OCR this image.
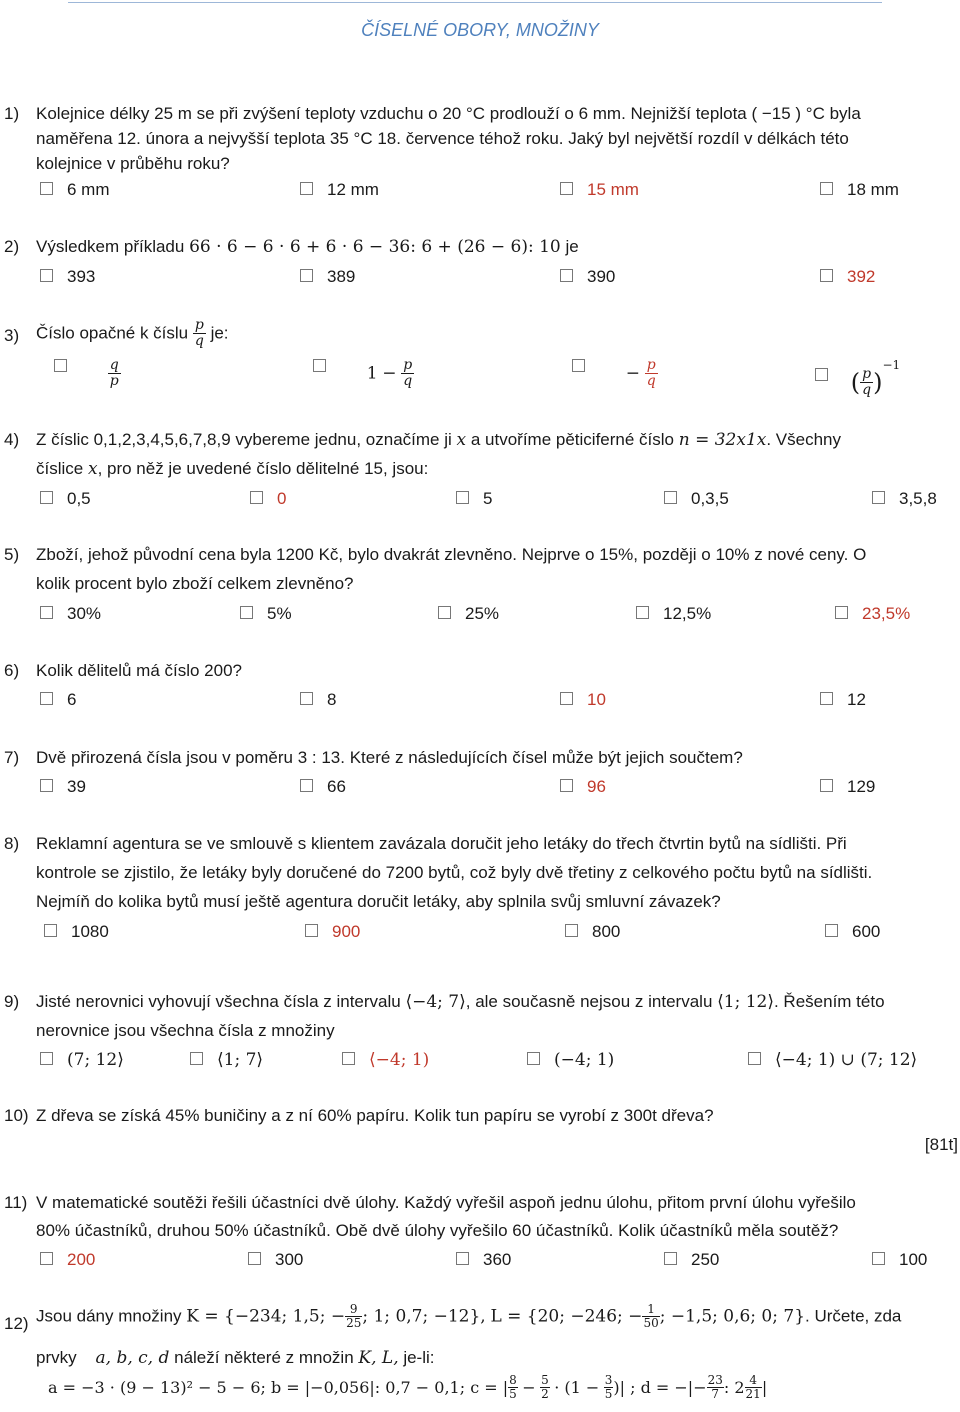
ČÍSELNÉ OBORY, MNOŽINY
1) Kolejnice délky 25 m se při zvýšení teploty vzduchu o 20 °C prodlouží o 6 mm. Nejnižší teplota ( −15 ) °C byla
naměřena 12. února a nejvyšší teplota 35 °C 18. července téhož roku. Jaký byl největší rozdíl v délkách této
kolejnice v průběhu roku?
6 mm	12 mm	15 mm	18 mm
2) Výsledkem příkladu 66 · 6 − 6 · 6 + 6 · 6 − 36: 6 + (26 − 6): 10 je
393	389	390	392
3) Číslo opačné k číslu $\frac{p}{q}$ je:

$\frac{q}{p}$	$1 - \frac{p}{q}$	− $\frac{p}{q}$	( $\frac{p}{q} )^{-1}$
4) Z číslic 0,1,2,3,4,5,6,7,8,9 vybereme jednu, označíme ji x a utvoříme pěticiferné číslo n = 32x1x. Všechny
číslice x, pro něž je uvedené číslo dělitelné 15, jsou:
0,5	0	5	0,3,5	3,5,8
5) Zboží, jehož původní cena byla 1200 Kč, bylo dvakrát zlevněno. Nejprve o 15%, později o 10% z nové ceny. O
kolik procent bylo zboží celkem zlevněno?
30%	5%	25%	12,5%	23,5%
6) Kolik dělitelů má číslo 200?
6	8	10	12
7) Dvě přirozená čísla jsou v poměru 3 : 13. Které z následujících čísel může být jejich součtem?
39	66	96	129
8) Reklamní agentura se ve smlouvě s klientem zavázala doručit jeho letáky do třech čtvrtin bytů na sídlišti. Při
kontrole se zjistilo, že letáky byly doručené do 7200 bytů, což byly dvě třetiny z celkového počtu bytů na sídlišti.
Nejmíň do kolika bytů musí ještě agentura doručit letáky, aby splnila svůj smluvní závazek?
1080	900	800	600
9) Jisté nerovnici vyhovují všechna čísla z intervalu ⟨−4; 7⟩, ale současně nejsou z intervalu ⟨1; 12⟩. Řešením této
nerovnice jsou všechna čísla z množiny
(7; 12⟩	⟨1; 7⟩	⟨−4; 1)	(−4; 1)	⟨−4; 1) ∪ (7; 12⟩
10) Z dřeva se získá 45% buničiny a z ní 60% papíru. Kolik tun papíru se vyrobí z 300t dřeva?
[81t]
11) V matematické soutěži řešili účastníci dvě úlohy. Každý vyřešil aspoň jednu úlohu, přitom první úlohu vyřešilo
80% účastníků, druhou 50% účastníků. Obě dvě úlohy vyřešilo 60 účastníků. Kolik účastníků měla soutěž?
200	300	360	250	100
12) Jsou dány množiny K = {−234; 1,5; − $\frac{9}{25}$ ; 1; 0,7; −12}, L = {20; −246; − $\frac{1}{50}$ ; −1,5; 0,6; 0; 7}. Určete, zda
prvky a, b, c, d náleží některé z množin K, L, je-li:
a = −3 · (9 − 13)² − 5 − 6; b = |−0,056|: 0,7 − 0,1; c = | $\frac{8}{5} - \frac{5}{2} \cdot (1 - \frac{3}{5}$ )| ; d = −|− $\frac{23}{7}$ : $2 \frac{4}{21}$ |
